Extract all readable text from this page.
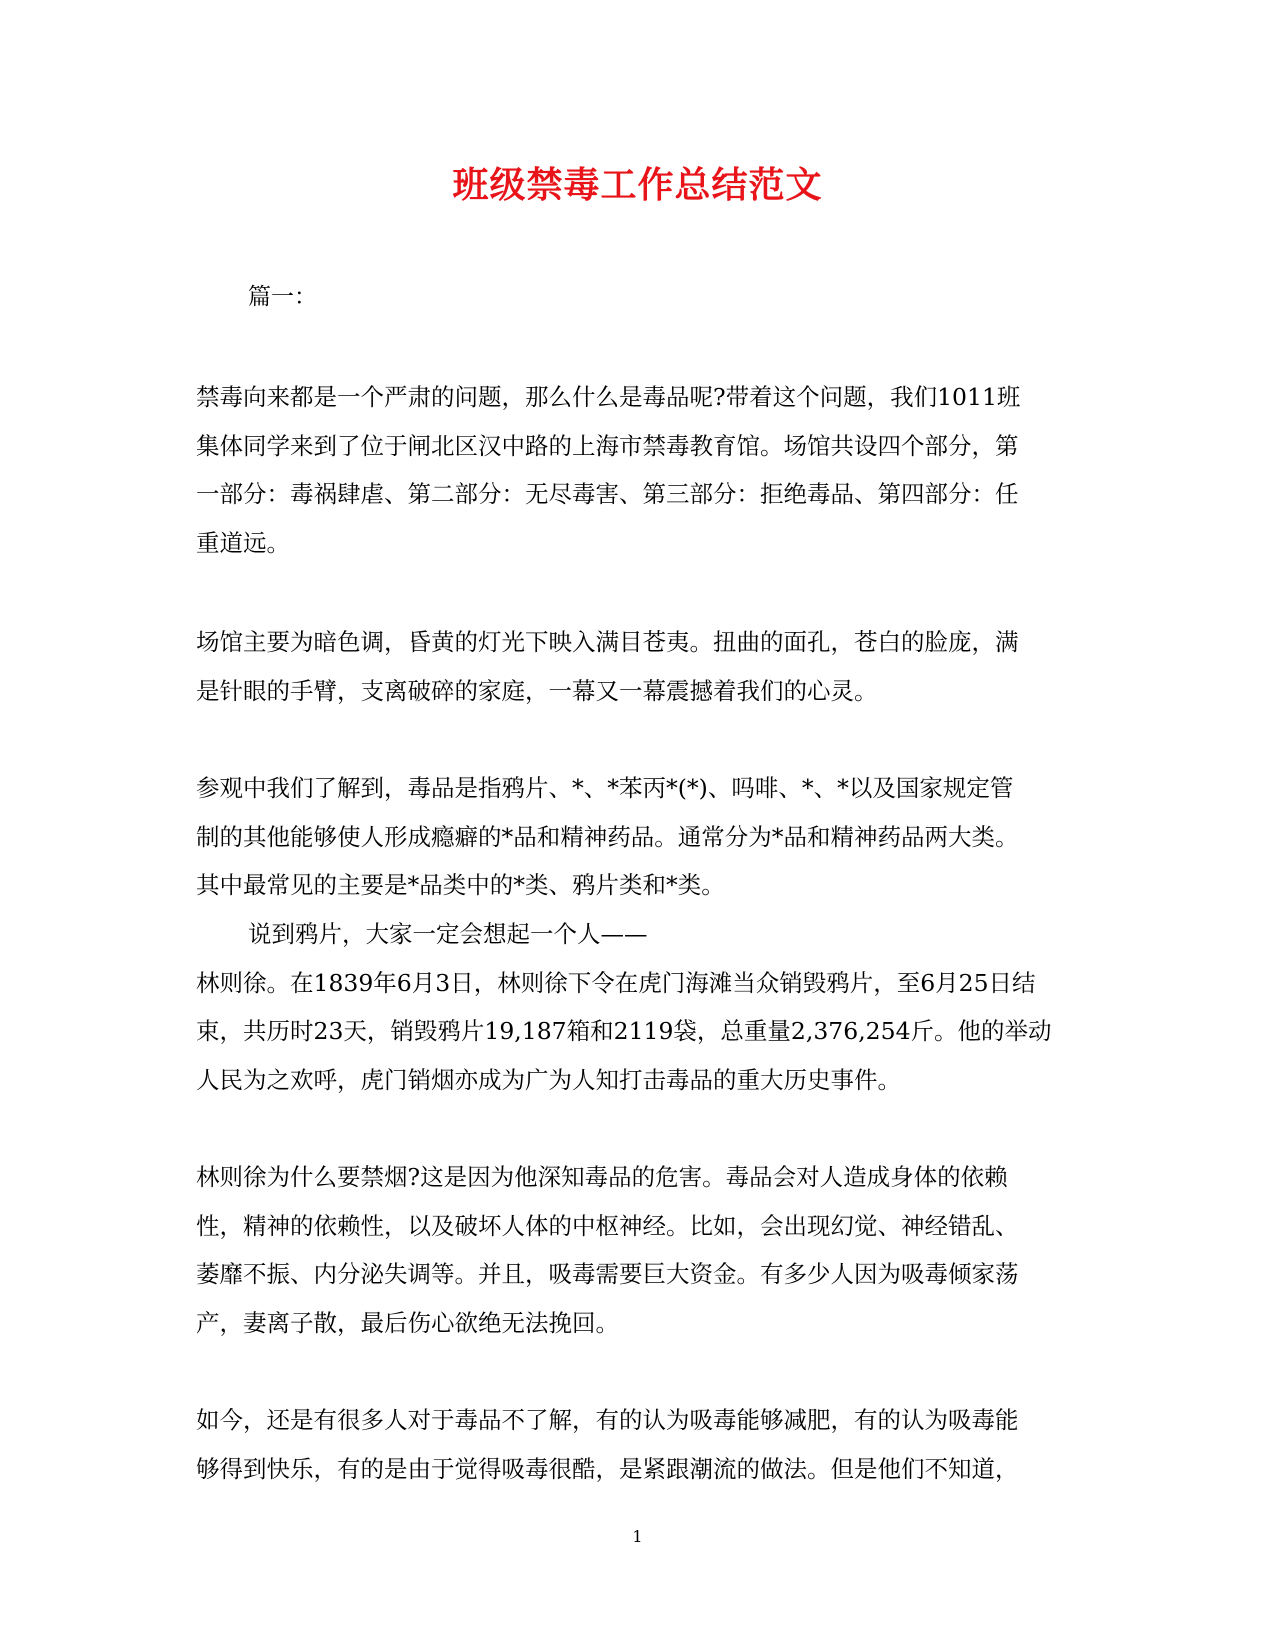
班级禁毒工作总结范文
篇一：
禁毒向来都是一个严肃的问题，那么什么是毒品呢?带着这个问题，我们1011班
集体同学来到了位于闸北区汉中路的上海市禁毒教育馆。场馆共设四个部分，第
一部分：毒祸肆虐、第二部分：无尽毒害、第三部分：拒绝毒品、第四部分：任
重道远。
场馆主要为暗色调，昏黄的灯光下映入满目苍夷。扭曲的面孔，苍白的脸庞，满
是针眼的手臂，支离破碎的家庭，一幕又一幕震撼着我们的心灵。
参观中我们了解到，毒品是指鸦片、*、*苯丙*(*)、吗啡、*、*以及国家规定管
制的其他能够使人形成瘾癖的*品和精神药品。通常分为*品和精神药品两大类。
其中最常见的主要是*品类中的*类、鸦片类和*类。
说到鸦片，大家一定会想起一个人——
林则徐。在1839年6月3日，林则徐下令在虎门海滩当众销毁鸦片，至6月25日结
束，共历时23天，销毁鸦片19,187箱和2119袋，总重量2,376,254斤。他的举动
人民为之欢呼，虎门销烟亦成为广为人知打击毒品的重大历史事件。
林则徐为什么要禁烟?这是因为他深知毒品的危害。毒品会对人造成身体的依赖
性，精神的依赖性，以及破坏人体的中枢神经。比如，会出现幻觉、神经错乱、
萎靡不振、内分泌失调等。并且，吸毒需要巨大资金。有多少人因为吸毒倾家荡
产，妻离子散，最后伤心欲绝无法挽回。
如今，还是有很多人对于毒品不了解，有的认为吸毒能够减肥，有的认为吸毒能
够得到快乐，有的是由于觉得吸毒很酷，是紧跟潮流的做法。但是他们不知道，
1
